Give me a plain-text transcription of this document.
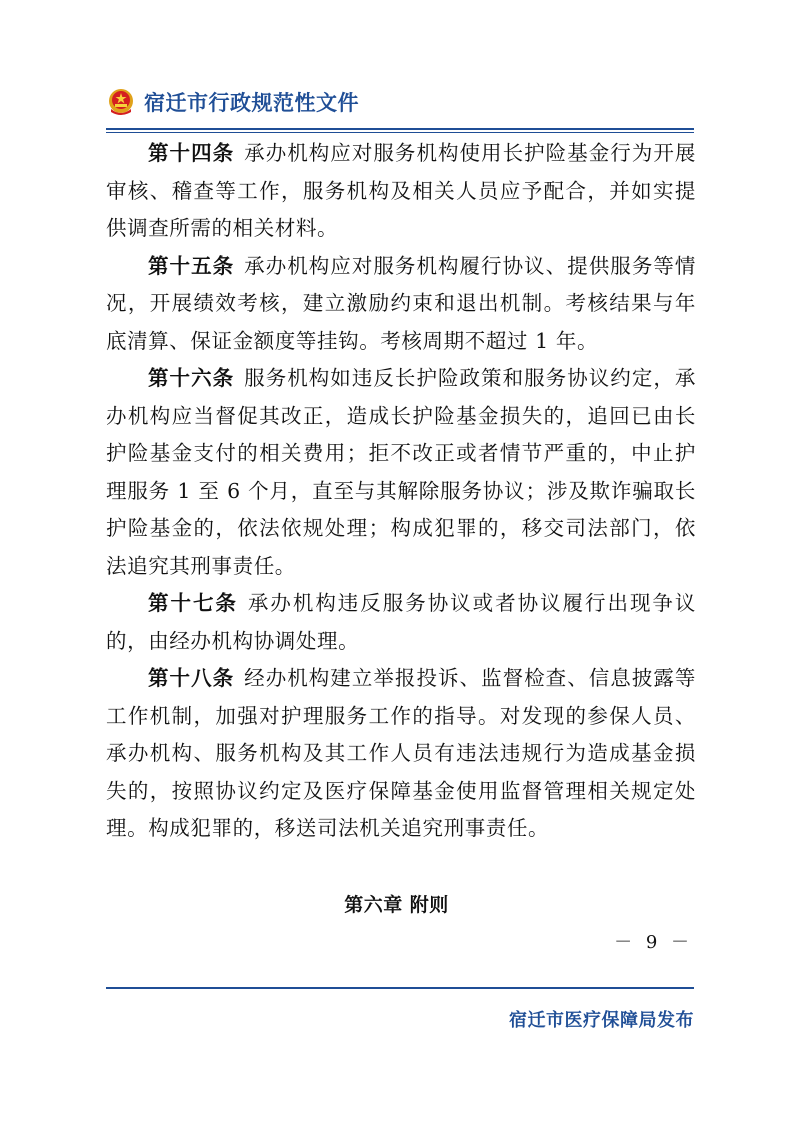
宿迁市行政规范性文件

第十四条 承办机构应对服务机构使用长护险基金行为开展审核、稽查等工作，服务机构及相关人员应予配合，并如实提供调查所需的相关材料。

第十五条 承办机构应对服务机构履行协议、提供服务等情况，开展绩效考核，建立激励约束和退出机制。考核结果与年底清算、保证金额度等挂钩。考核周期不超过 1 年。

第十六条 服务机构如违反长护险政策和服务协议约定，承办机构应当督促其改正，造成长护险基金损失的，追回已由长护险基金支付的相关费用；拒不改正或者情节严重的，中止护理服务 1 至 6 个月，直至与其解除服务协议；涉及欺诈骗取长护险基金的，依法依规处理；构成犯罪的，移交司法部门，依法追究其刑事责任。

第十七条 承办机构违反服务协议或者协议履行出现争议的，由经办机构协调处理。

第十八条 经办机构建立举报投诉、监督检查、信息披露等工作机制，加强对护理服务工作的指导。对发现的参保人员、承办机构、服务机构及其工作人员有违法违规行为造成基金损失的，按照协议约定及医疗保障基金使用监督管理相关规定处理。构成犯罪的，移送司法机关追究刑事责任。

第六章 附则
－ 9 －
宿迁市医疗保障局发布
